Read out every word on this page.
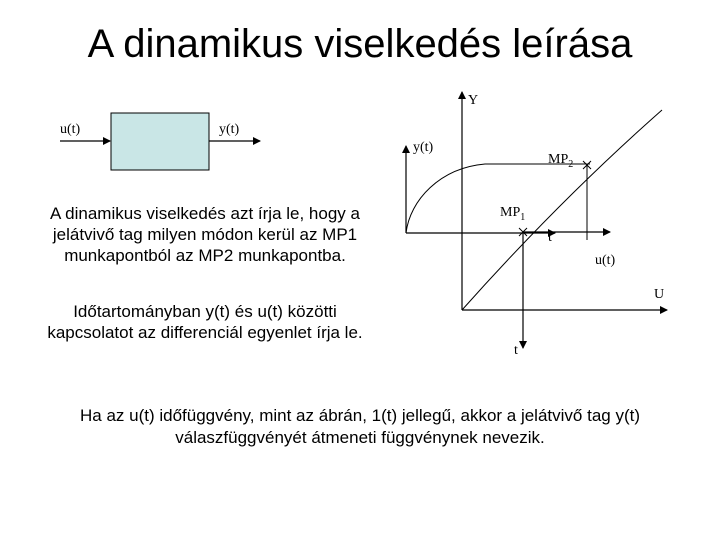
A dinamikus viselkedés leírása
u(t)	y(t)
Y
U
y(t)
u(t)
t
t
$MP_1$
$MP_2$
A dinamikus viselkedés azt írja le, hogy a jelátvivő tag milyen módon kerül az MP1 munkapontból az MP2 munkapontba.
Időtartományban y(t) és u(t) közötti kapcsolatot az differenciál egyenlet írja le.
Ha az u(t) időfüggvény, mint az ábrán, 1(t) jellegű, akkor a jelátvivő tag y(t) válaszfüggvényét átmeneti függvénynek nevezik.
